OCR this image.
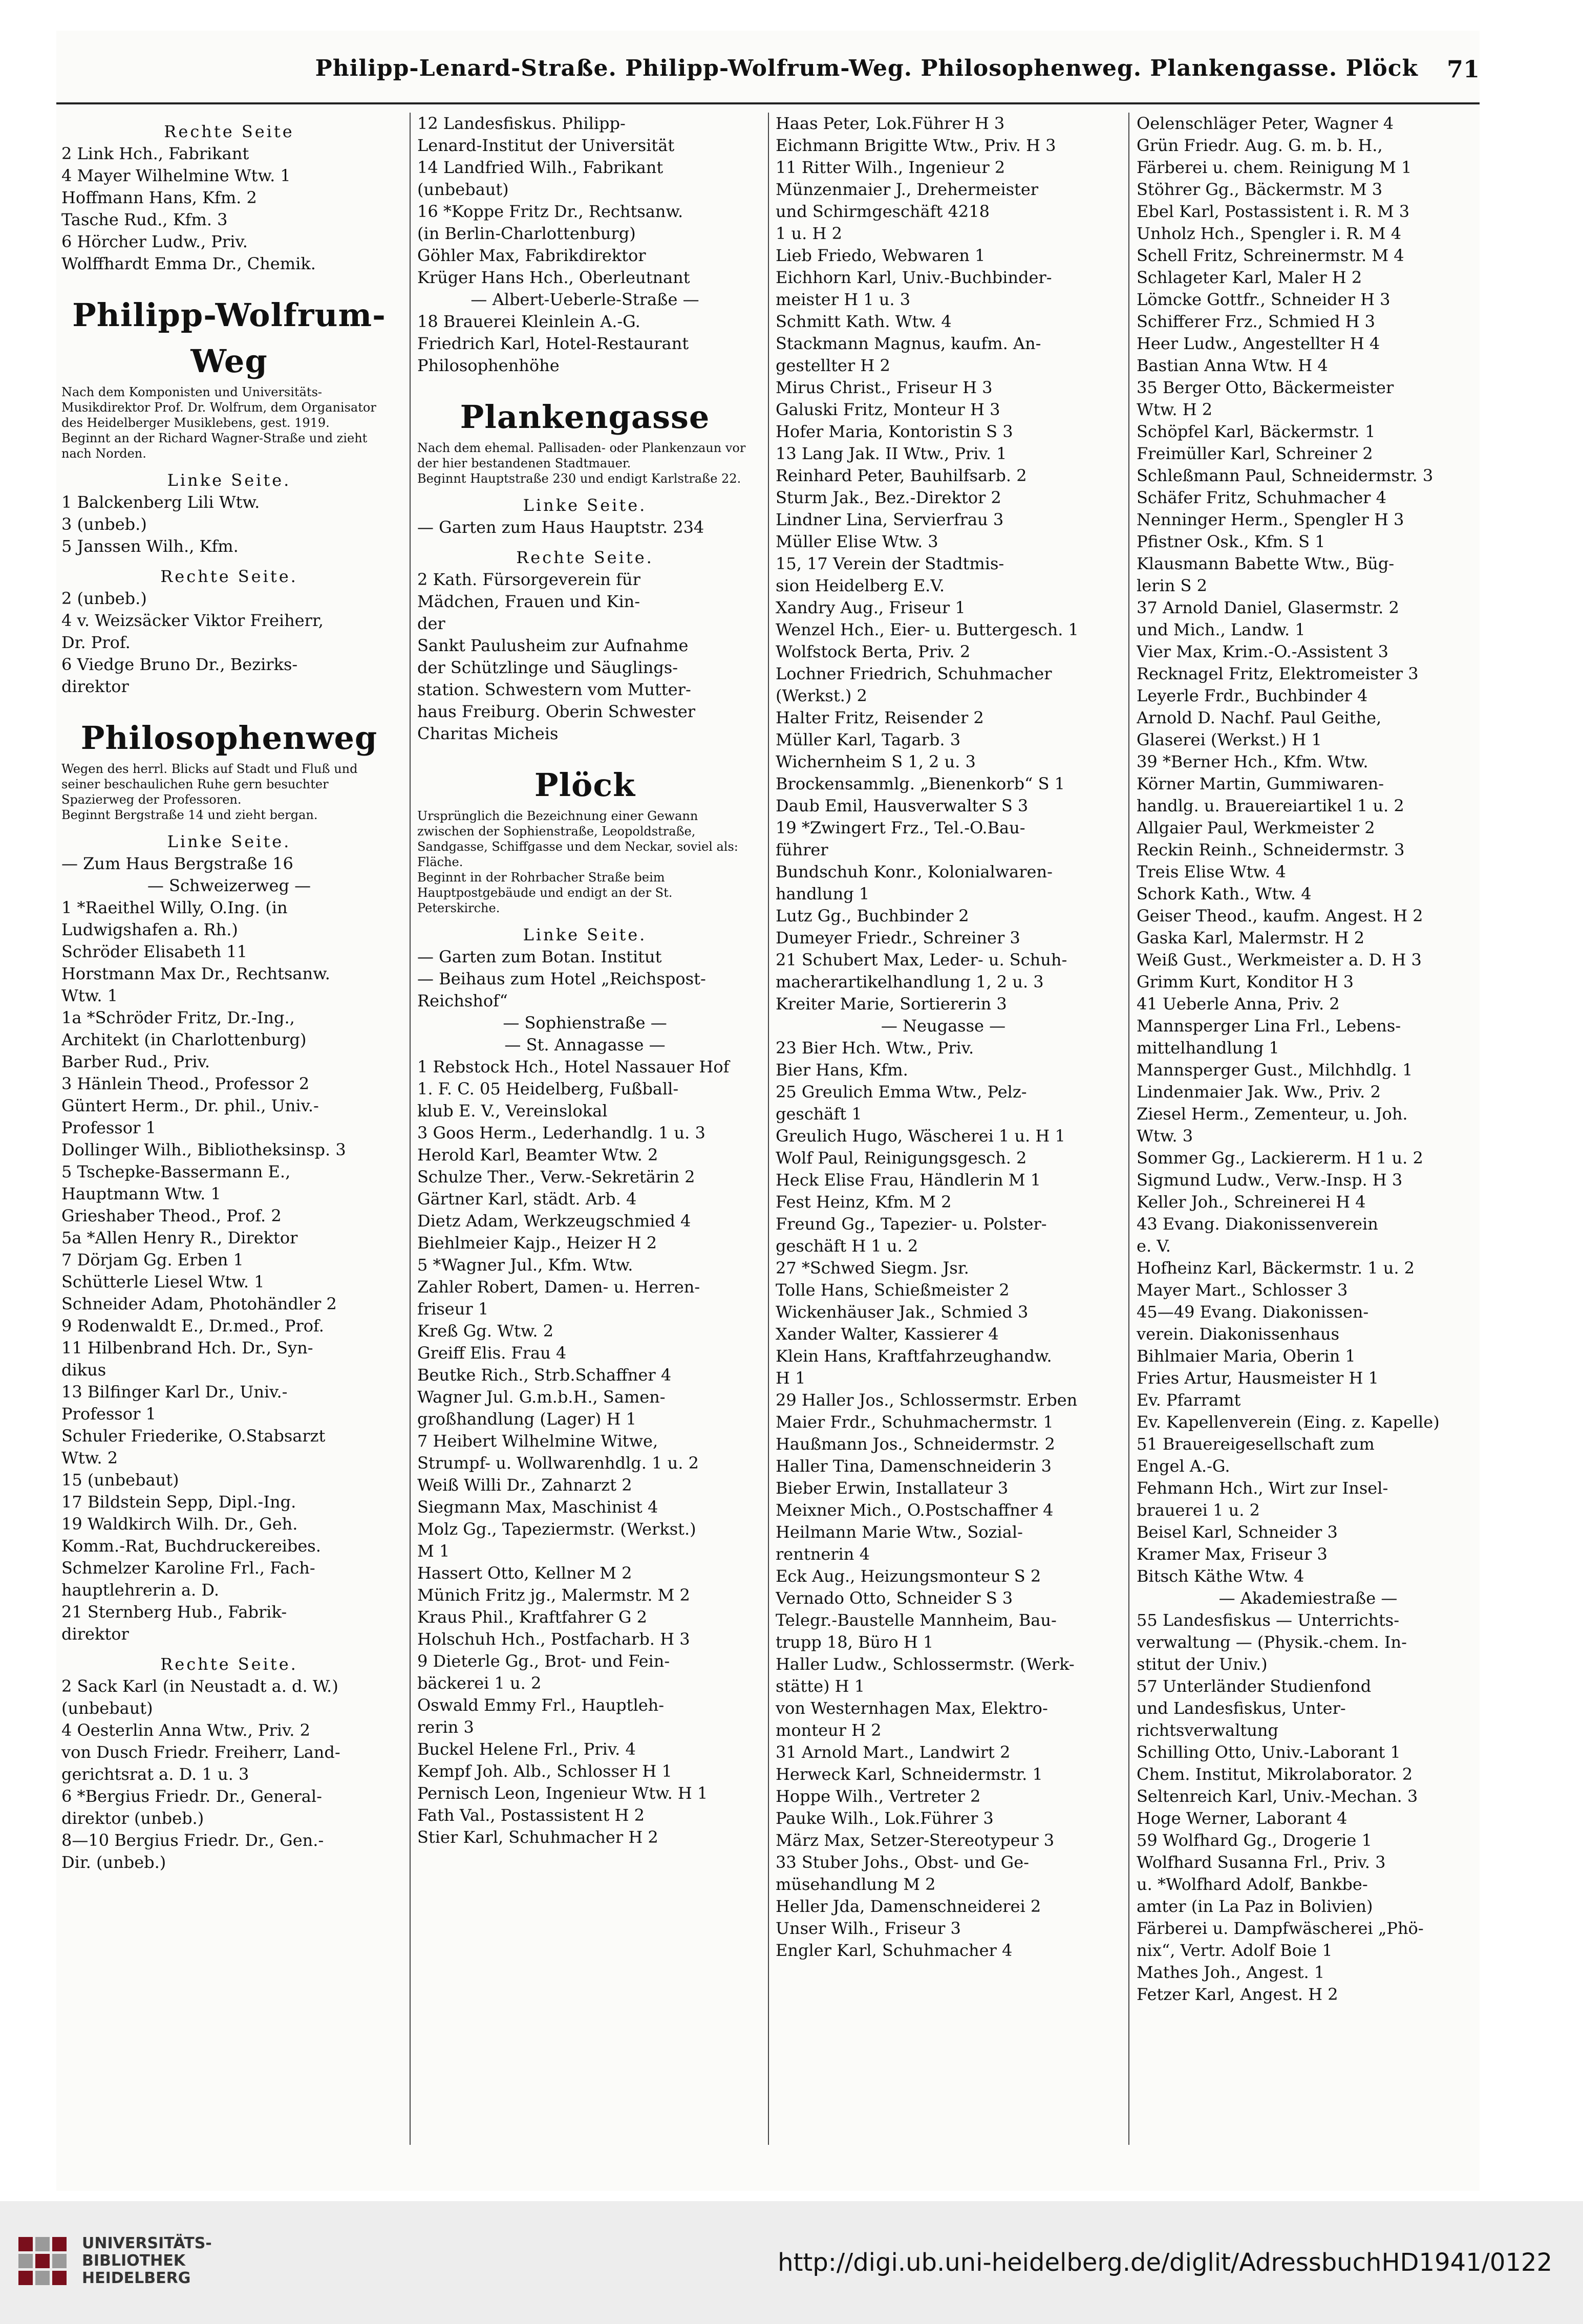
Philipp-Lenard-Straße. Philipp-Wolfrum-Weg. Philosophenweg. Plankengasse. Plöck 71
Rechte Seite
2 Link Hch., Fabrikant
4 Mayer Wilhelmine Wtw. 1
Hoffmann Hans, Kfm. 2
Tasche Rud., Kfm. 3
6 Hörcher Ludw., Priv.
Wolffhardt Emma Dr., Chemik.
Philipp-Wolfrum-Weg
Nach dem Komponisten und Universitäts-Musikdirektor Prof. Dr. Wolfrum, dem Organisator des Heidelberger Musiklebens, gest. 1919.
Beginnt an der Richard Wagner-Straße und zieht nach Norden.
Linke Seite.
1 Balckenberg Lili Wtw.
3 (unbeb.)
5 Janssen Wilh., Kfm.
Rechte Seite.
2 (unbeb.)
4 v. Weizsäcker Viktor Freiherr,
Dr. Prof.
6 Viedge Bruno Dr., Bezirks-
direktor
Philosophenweg
Wegen des herrl. Blicks auf Stadt und Fluß und seiner beschaulichen Ruhe gern besuchter Spazierweg der Professoren.
Beginnt Bergstraße 14 und zieht bergan.
Linke Seite.
— Zum Haus Bergstraße 16
— Schweizerweg —
1 *Raeithel Willy, O.Ing. (in
Ludwigshafen a. Rh.)
Schröder Elisabeth 11
Horstmann Max Dr., Rechtsanw.
Wtw. 1
1a *Schröder Fritz, Dr.-Ing.,
Architekt (in Charlottenburg)
Barber Rud., Priv.
3 Hänlein Theod., Professor 2
Güntert Herm., Dr. phil., Univ.-
Professor 1
Dollinger Wilh., Bibliotheksinsp. 3
5 Tschepke-Bassermann E.,
Hauptmann Wtw. 1
Grieshaber Theod., Prof. 2
5a *Allen Henry R., Direktor
7 Dörjam Gg. Erben 1
Schütterle Liesel Wtw. 1
Schneider Adam, Photohändler 2
9 Rodenwaldt E., Dr.med., Prof.
11 Hilbenbrand Hch. Dr., Syn-
dikus
13 Bilfinger Karl Dr., Univ.-
Professor 1
Schuler Friederike, O.Stabsarzt
Wtw. 2
15 (unbebaut)
17 Bildstein Sepp, Dipl.-Ing.
19 Waldkirch Wilh. Dr., Geh.
Komm.-Rat, Buchdruckereibes.
Schmelzer Karoline Frl., Fach-
hauptlehrerin a. D.
21 Sternberg Hub., Fabrik-
direktor
Rechte Seite.
2 Sack Karl (in Neustadt a. d. W.)
(unbebaut)
4 Oesterlin Anna Wtw., Priv. 2
von Dusch Friedr. Freiherr, Land-
gerichtsrat a. D. 1 u. 3
6 *Bergius Friedr. Dr., General-
direktor (unbeb.)
8—10 Bergius Friedr. Dr., Gen.-
Dir. (unbeb.)
12 Landesfiskus. Philipp-
Lenard-Institut der Universität
14 Landfried Wilh., Fabrikant
(unbebaut)
16 *Koppe Fritz Dr., Rechtsanw.
(in Berlin-Charlottenburg)
Göhler Max, Fabrikdirektor
Krüger Hans Hch., Oberleutnant
— Albert-Ueberle-Straße —
18 Brauerei Kleinlein A.-G.
Friedrich Karl, Hotel-Restaurant
Philosophenhöhe
Plankengasse
Nach dem ehemal. Pallisaden- oder Plankenzaun vor der hier bestandenen Stadtmauer.
Beginnt Hauptstraße 230 und endigt Karlstraße 22.
Linke Seite.
— Garten zum Haus Hauptstr. 234
Rechte Seite.
2 Kath. Fürsorgeverein für
Mädchen, Frauen und Kin-
der
Sankt Paulusheim zur Aufnahme
der Schützlinge und Säuglings-
station. Schwestern vom Mutter-
haus Freiburg. Oberin Schwester
Charitas Micheis
Plöck
Ursprünglich die Bezeichnung einer Gewann zwischen der Sophienstraße, Leopoldstraße, Sandgasse, Schiffgasse und dem Neckar, soviel als: Fläche.
Beginnt in der Rohrbacher Straße beim Hauptpostgebäude und endigt an der St. Peterskirche.
Linke Seite.
— Garten zum Botan. Institut
— Beihaus zum Hotel „Reichspost-
Reichshof“
— Sophienstraße —
— St. Annagasse —
1 Rebstock Hch., Hotel Nassauer Hof
1. F. C. 05 Heidelberg, Fußball-
klub E. V., Vereinslokal
3 Goos Herm., Lederhandlg. 1 u. 3
Herold Karl, Beamter Wtw. 2
Schulze Ther., Verw.-Sekretärin 2
Gärtner Karl, städt. Arb. 4
Dietz Adam, Werkzeugschmied 4
Biehlmeier Kajp., Heizer H 2
5 *Wagner Jul., Kfm. Wtw.
Zahler Robert, Damen- u. Herren-
friseur 1
Kreß Gg. Wtw. 2
Greiff Elis. Frau 4
Beutke Rich., Strb.Schaffner 4
Wagner Jul. G.m.b.H., Samen-
großhandlung (Lager) H 1
7 Heibert Wilhelmine Witwe,
Strumpf- u. Wollwarenhdlg. 1 u. 2
Weiß Willi Dr., Zahnarzt 2
Siegmann Max, Maschinist 4
Molz Gg., Tapeziermstr. (Werkst.)
M 1
Hassert Otto, Kellner M 2
Münich Fritz jg., Malermstr. M 2
Kraus Phil., Kraftfahrer G 2
Holschuh Hch., Postfacharb. H 3
9 Dieterle Gg., Brot- und Fein-
bäckerei 1 u. 2
Oswald Emmy Frl., Hauptleh-
rerin 3
Buckel Helene Frl., Priv. 4
Kempf Joh. Alb., Schlosser H 1
Pernisch Leon, Ingenieur Wtw. H 1
Fath Val., Postassistent H 2
Stier Karl, Schuhmacher H 2
Haas Peter, Lok.Führer H 3
Eichmann Brigitte Wtw., Priv. H 3
11 Ritter Wilh., Ingenieur 2
Münzenmaier J., Drehermeister
und Schirmgeschäft 4218
1 u. H 2
Lieb Friedo, Webwaren 1
Eichhorn Karl, Univ.-Buchbinder-
meister H 1 u. 3
Schmitt Kath. Wtw. 4
Stackmann Magnus, kaufm. An-
gestellter H 2
Mirus Christ., Friseur H 3
Galuski Fritz, Monteur H 3
Hofer Maria, Kontoristin S 3
13 Lang Jak. II Wtw., Priv. 1
Reinhard Peter, Bauhilfsarb. 2
Sturm Jak., Bez.-Direktor 2
Lindner Lina, Servierfrau 3
Müller Elise Wtw. 3
15, 17 Verein der Stadtmis-
sion Heidelberg E.V.
Xandry Aug., Friseur 1
Wenzel Hch., Eier- u. Buttergesch. 1
Wolfstock Berta, Priv. 2
Lochner Friedrich, Schuhmacher
(Werkst.) 2
Halter Fritz, Reisender 2
Müller Karl, Tagarb. 3
Wichernheim S 1, 2 u. 3
Brockensammlg. „Bienenkorb“ S 1
Daub Emil, Hausverwalter S 3
19 *Zwingert Frz., Tel.-O.Bau-
führer
Bundschuh Konr., Kolonialwaren-
handlung 1
Lutz Gg., Buchbinder 2
Dumeyer Friedr., Schreiner 3
21 Schubert Max, Leder- u. Schuh-
macherartikelhandlung 1, 2 u. 3
Kreiter Marie, Sortiererin 3
— Neugasse —
23 Bier Hch. Wtw., Priv.
Bier Hans, Kfm.
25 Greulich Emma Wtw., Pelz-
geschäft 1
Greulich Hugo, Wäscherei 1 u. H 1
Wolf Paul, Reinigungsgesch. 2
Heck Elise Frau, Händlerin M 1
Fest Heinz, Kfm. M 2
Freund Gg., Tapezier- u. Polster-
geschäft H 1 u. 2
27 *Schwed Siegm. Jsr.
Tolle Hans, Schießmeister 2
Wickenhäuser Jak., Schmied 3
Xander Walter, Kassierer 4
Klein Hans, Kraftfahrzeughandw.
H 1
29 Haller Jos., Schlossermstr. Erben
Maier Frdr., Schuhmachermstr. 1
Haußmann Jos., Schneidermstr. 2
Haller Tina, Damenschneiderin 3
Bieber Erwin, Installateur 3
Meixner Mich., O.Postschaffner 4
Heilmann Marie Wtw., Sozial-
rentnerin 4
Eck Aug., Heizungsmonteur S 2
Vernado Otto, Schneider S 3
Telegr.-Baustelle Mannheim, Bau-
trupp 18, Büro H 1
Haller Ludw., Schlossermstr. (Werk-
stätte) H 1
von Westernhagen Max, Elektro-
monteur H 2
31 Arnold Mart., Landwirt 2
Herweck Karl, Schneidermstr. 1
Hoppe Wilh., Vertreter 2
Pauke Wilh., Lok.Führer 3
März Max, Setzer-Stereotypeur 3
33 Stuber Johs., Obst- und Ge-
müsehandlung M 2
Heller Jda, Damenschneiderei 2
Unser Wilh., Friseur 3
Engler Karl, Schuhmacher 4
Oelenschläger Peter, Wagner 4
Grün Friedr. Aug. G. m. b. H.,
Färberei u. chem. Reinigung M 1
Stöhrer Gg., Bäckermstr. M 3
Ebel Karl, Postassistent i. R. M 3
Unholz Hch., Spengler i. R. M 4
Schell Fritz, Schreinermstr. M 4
Schlageter Karl, Maler H 2
Lömcke Gottfr., Schneider H 3
Schifferer Frz., Schmied H 3
Heer Ludw., Angestellter H 4
Bastian Anna Wtw. H 4
35 Berger Otto, Bäckermeister
Wtw. H 2
Schöpfel Karl, Bäckermstr. 1
Freimüller Karl, Schreiner 2
Schleßmann Paul, Schneidermstr. 3
Schäfer Fritz, Schuhmacher 4
Nenninger Herm., Spengler H 3
Pfistner Osk., Kfm. S 1
Klausmann Babette Wtw., Büg-
lerin S 2
37 Arnold Daniel, Glasermstr. 2
und Mich., Landw. 1
Vier Max, Krim.-O.-Assistent 3
Recknagel Fritz, Elektromeister 3
Leyerle Frdr., Buchbinder 4
Arnold D. Nachf. Paul Geithe,
Glaserei (Werkst.) H 1
39 *Berner Hch., Kfm. Wtw.
Körner Martin, Gummiwaren-
handlg. u. Brauereiartikel 1 u. 2
Allgaier Paul, Werkmeister 2
Reckin Reinh., Schneidermstr. 3
Treis Elise Wtw. 4
Schork Kath., Wtw. 4
Geiser Theod., kaufm. Angest. H 2
Gaska Karl, Malermstr. H 2
Weiß Gust., Werkmeister a. D. H 3
Grimm Kurt, Konditor H 3
41 Ueberle Anna, Priv. 2
Mannsperger Lina Frl., Lebens-
mittelhandlung 1
Mannsperger Gust., Milchhdlg. 1
Lindenmaier Jak. Ww., Priv. 2
Ziesel Herm., Zementeur, u. Joh.
Wtw. 3
Sommer Gg., Lackiererm. H 1 u. 2
Sigmund Ludw., Verw.-Insp. H 3
Keller Joh., Schreinerei H 4
43 Evang. Diakonissenverein
e. V.
Hofheinz Karl, Bäckermstr. 1 u. 2
Mayer Mart., Schlosser 3
45—49 Evang. Diakonissen-
verein. Diakonissenhaus
Bihlmaier Maria, Oberin 1
Fries Artur, Hausmeister H 1
Ev. Pfarramt
Ev. Kapellenverein (Eing. z. Kapelle)
51 Brauereigesellschaft zum
Engel A.-G.
Fehmann Hch., Wirt zur Insel-
brauerei 1 u. 2
Beisel Karl, Schneider 3
Kramer Max, Friseur 3
Bitsch Käthe Wtw. 4
— Akademiestraße —
55 Landesfiskus — Unterrichts-
verwaltung — (Physik.-chem. In-
stitut der Univ.)
57 Unterländer Studienfond
und Landesfiskus, Unter-
richtsverwaltung
Schilling Otto, Univ.-Laborant 1
Chem. Institut, Mikrolaborator. 2
Seltenreich Karl, Univ.-Mechan. 3
Hoge Werner, Laborant 4
59 Wolfhard Gg., Drogerie 1
Wolfhard Susanna Frl., Priv. 3
u. *Wolfhard Adolf, Bankbe-
amter (in La Paz in Bolivien)
Färberei u. Dampfwäscherei „Phö-
nix“, Vertr. Adolf Boie 1
Mathes Joh., Angest. 1
Fetzer Karl, Angest. H 2
UNIVERSITÄTS-
BIBLIOTHEK
HEIDELBERG
http://digi.ub.uni-heidelberg.de/diglit/AdressbuchHD1941/0122
